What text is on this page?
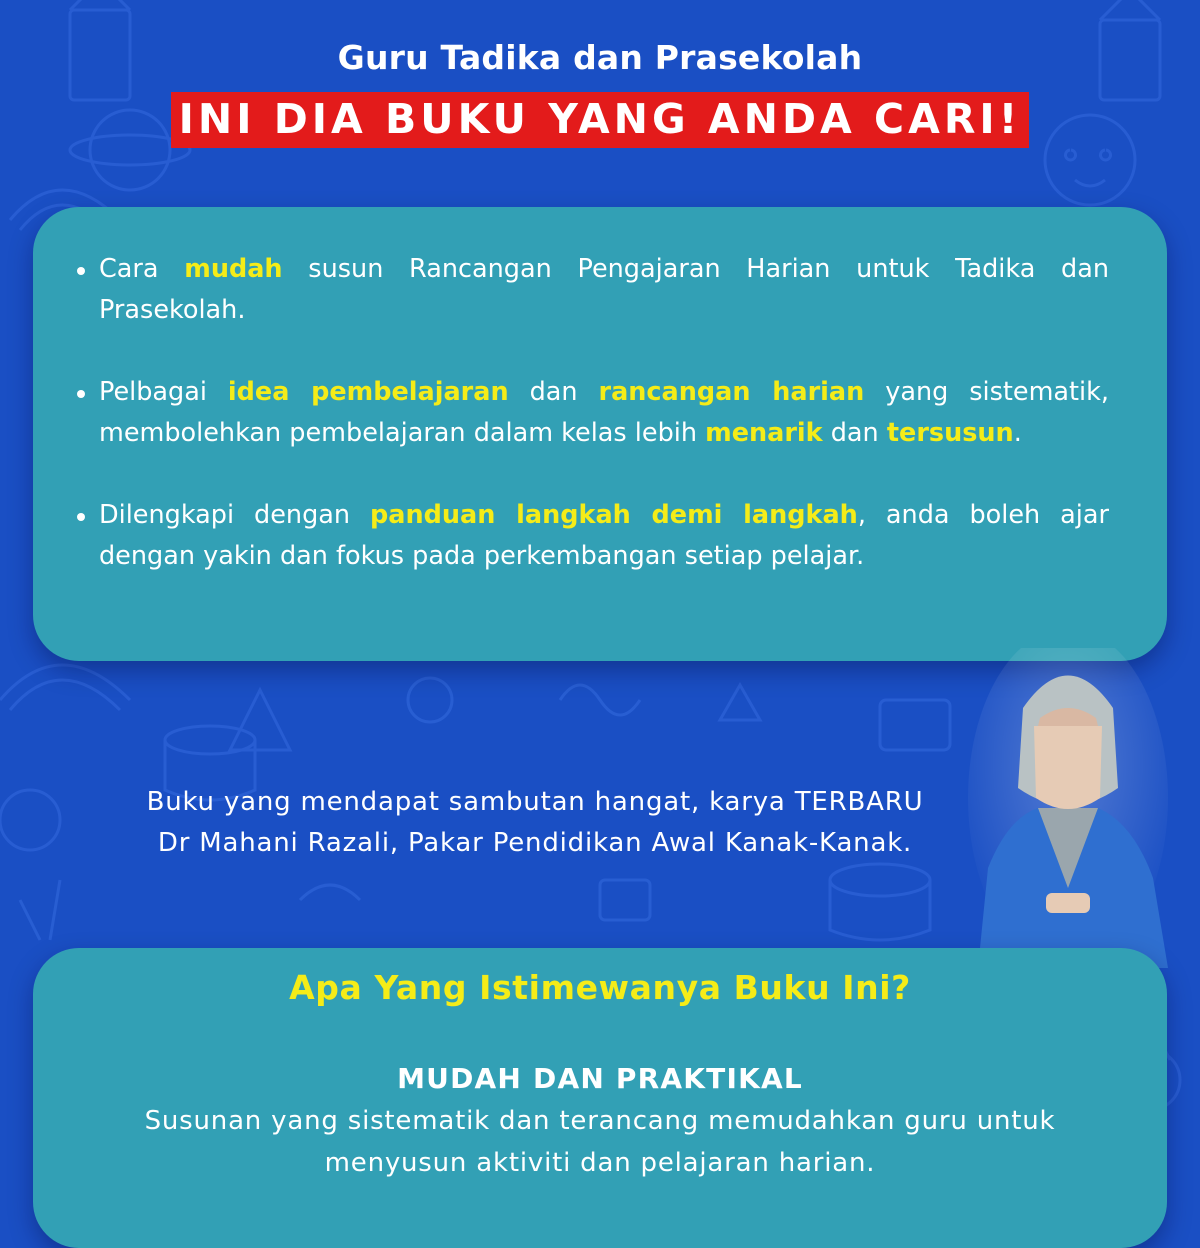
Guru Tadika dan Prasekolah
INI DIA BUKU YANG ANDA CARI!
Cara mudah susun Rancangan Pengajaran Harian untuk Tadika dan Prasekolah.
Pelbagai idea pembelajaran dan rancangan harian yang sistematik, membolehkan pembelajaran dalam kelas lebih menarik dan tersusun.
Dilengkapi dengan panduan langkah demi langkah, anda boleh ajar dengan yakin dan fokus pada perkembangan setiap pelajar.
Buku yang mendapat sambutan hangat, karya TERBARU
Dr Mahani Razali, Pakar Pendidikan Awal Kanak-Kanak.
Apa Yang Istimewanya Buku Ini?
MUDAH DAN PRAKTIKAL
Susunan yang sistematik dan terancang memudahkan guru untuk menyusun aktiviti dan pelajaran harian.
